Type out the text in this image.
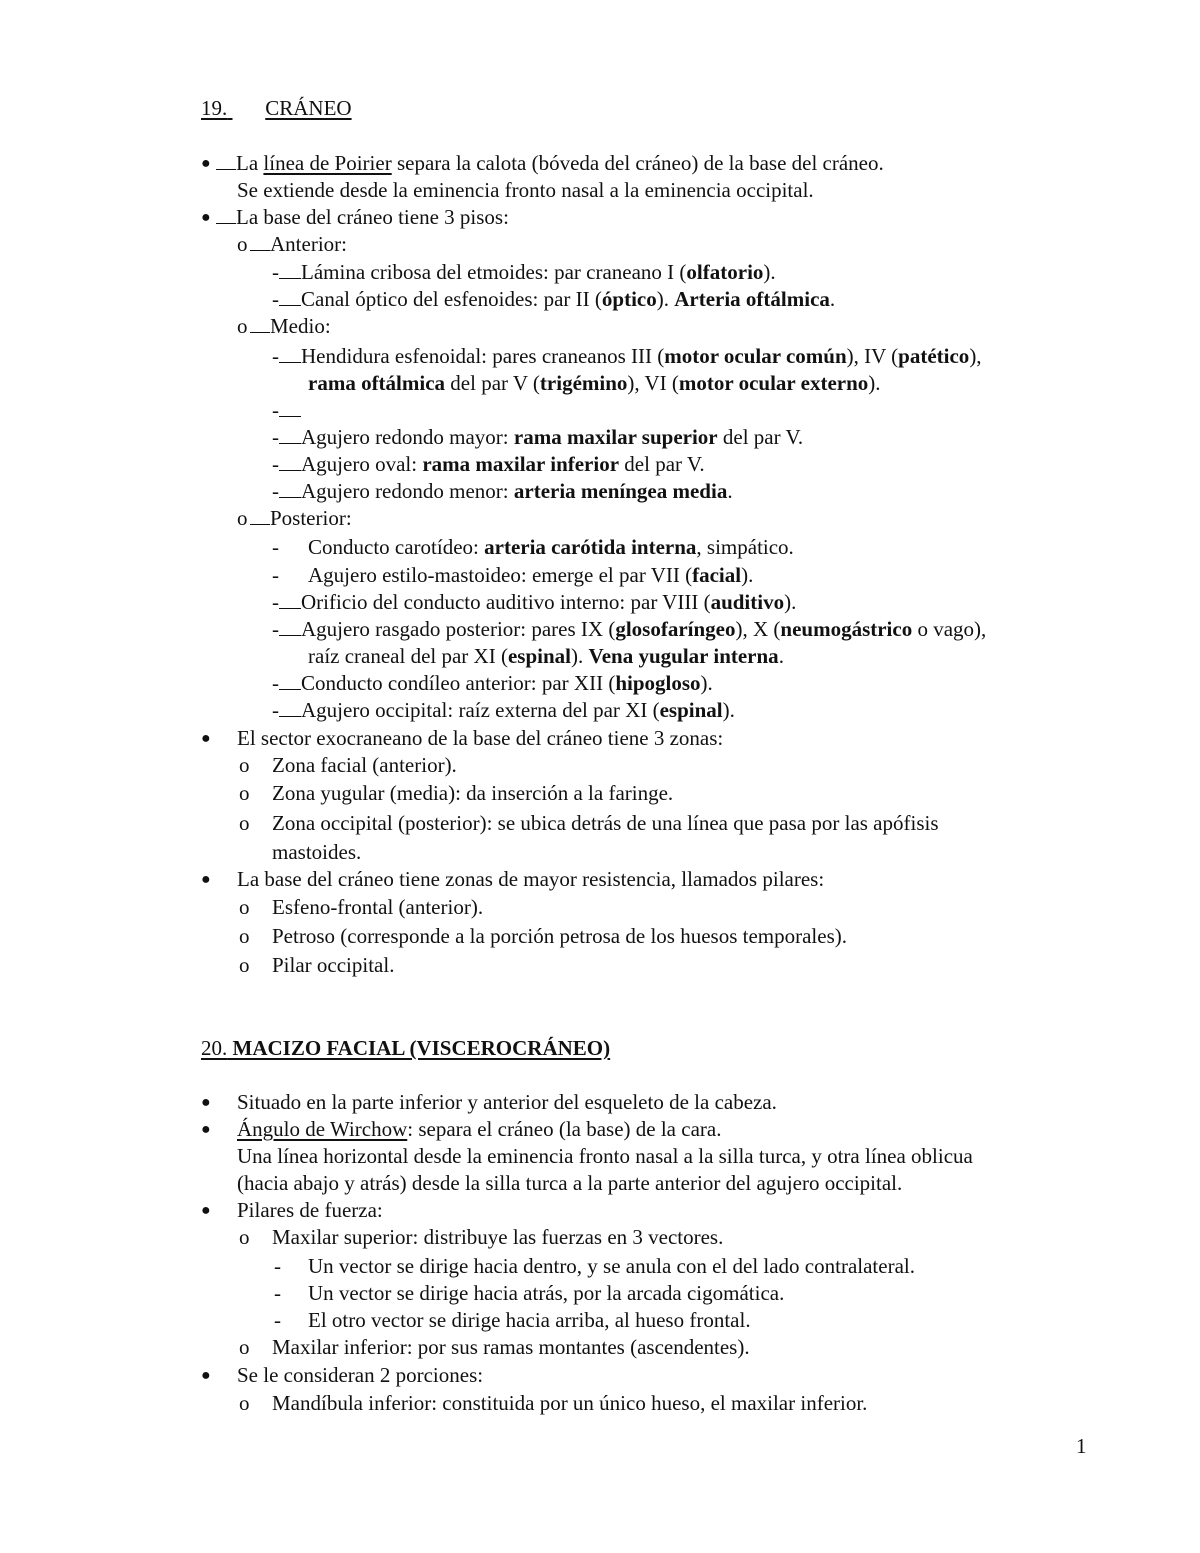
19. CRÁNEO
●	La línea de Poirier separa la calota (bóveda del cráneo) de la base del cráneo.
Se extiende desde la eminencia fronto nasal a la eminencia occipital.
●	La base del cráneo tiene 3 pisos:
o	Anterior:
-	Lámina cribosa del etmoides: par craneano I (olfatorio).
-	Canal óptico del esfenoides: par II (óptico). Arteria oftálmica.
o	Medio:
-	Hendidura esfenoidal: pares craneanos III (motor ocular común), IV (patético),
rama oftálmica del par V (trigémino), VI (motor ocular externo).
-
-	Agujero redondo mayor: rama maxilar superior del par V.
-	Agujero oval: rama maxilar inferior del par V.
-	Agujero redondo menor: arteria meníngea media.
o	Posterior:
- Conducto carotídeo: arteria carótida interna, simpático.
- Agujero estilo-mastoideo: emerge el par VII (facial).
-	Orificio del conducto auditivo interno: par VIII (auditivo).
-	Agujero rasgado posterior: pares IX (glosofaríngeo), X (neumogástrico o vago),
raíz craneal del par XI (espinal). Vena yugular interna.
-	Conducto condíleo anterior: par XII (hipogloso).
-	Agujero occipital: raíz externa del par XI (espinal).
● El sector exocraneano de la base del cráneo tiene 3 zonas:
o Zona facial (anterior).
o Zona yugular (media): da inserción a la faringe.
o Zona occipital (posterior): se ubica detrás de una línea que pasa por las apófisis
mastoides.
● La base del cráneo tiene zonas de mayor resistencia, llamados pilares:
o Esfeno-frontal (anterior).
o Petroso (corresponde a la porción petrosa de los huesos temporales).
o Pilar occipital.
20. MACIZO FACIAL (VISCEROCRÁNEO)
● Situado en la parte inferior y anterior del esqueleto de la cabeza.
● Ángulo de Wirchow: separa el cráneo (la base) de la cara.
Una línea horizontal desde la eminencia fronto nasal a la silla turca, y otra línea oblicua
(hacia abajo y atrás) desde la silla turca a la parte anterior del agujero occipital.
● Pilares de fuerza:
o Maxilar superior: distribuye las fuerzas en 3 vectores.
- Un vector se dirige hacia dentro, y se anula con el del lado contralateral.
- Un vector se dirige hacia atrás, por la arcada cigomática.
- El otro vector se dirige hacia arriba, al hueso frontal.
o Maxilar inferior: por sus ramas montantes (ascendentes).
● Se le consideran 2 porciones:
o Mandíbula inferior: constituida por un único hueso, el maxilar inferior.
1
